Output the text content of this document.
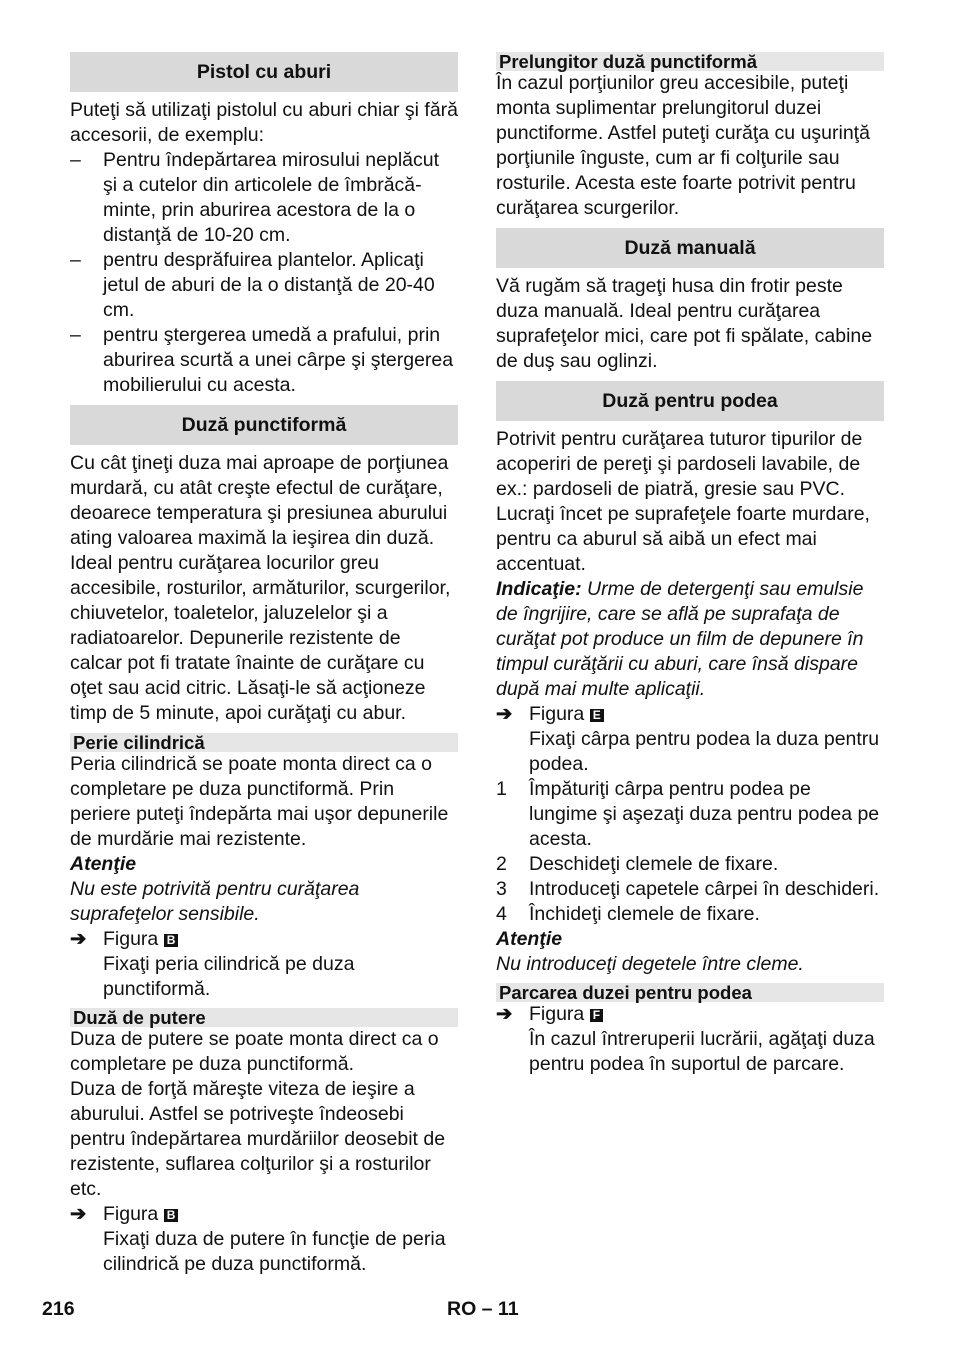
Pistol cu aburi

Puteţi să utilizaţi pistolul cu aburi chiar şi fără accesorii, de exemplu:

– Pentru îndepărtarea mirosului neplăcut şi a cutelor din articolele de îmbrăcă-minte, prin aburirea acestora de la o distanţă de 10-20 cm.
– pentru desprăfuirea plantelor. Aplicaţi jetul de aburi de la o distanţă de 20-40 cm.
– pentru ştergerea umedă a prafului, prin aburirea scurtă a unei cârpe şi ştergerea mobilierului cu acesta.
Duză punctiformă

Cu cât ţineţi duza mai aproape de porţiunea murdară, cu atât creşte efectul de curăţare, deoarece temperatura şi presiunea aburului ating valoarea maximă la ieşirea din duză. Ideal pentru curăţarea locurilor greu accesibile, rosturilor, armăturilor, scurgerilor, chiuvetelor, toaletelor, jaluzelelor şi a radiatoarelor. Depunerile rezistente de calcar pot fi tratate înainte de curăţare cu oţet sau acid citric. Lăsaţi-le să acţioneze timp de 5 minute, apoi curăţaţi cu abur.

Perie cilindrică

Peria cilindrică se poate monta direct ca o completare pe duza punctiformă. Prin periere puteţi îndepărta mai uşor depunerile de murdărie mai rezistente.

Atenţie

Nu este potrivită pentru curăţarea suprafeţelor sensibile.

➔ Figura B

Fixaţi peria cilindrică pe duza punctiformă.

Duză de putere

Duza de putere se poate monta direct ca o completare pe duza punctiformă.

Duza de forţă măreşte viteza de ieşire a aburului. Astfel se potriveşte îndeosebi pentru îndepărtarea murdăriilor deosebit de rezistente, suflarea colţurilor şi a rosturilor etc.

➔ Figura B

Fixaţi duza de putere în funcţie de peria cilindrică pe duza punctiformă.

Prelungitor duză punctiformă

În cazul porţiunilor greu accesibile, puteţi monta suplimentar prelungitorul duzei punctiforme. Astfel puteţi curăţa cu uşurinţă porţiunile înguste, cum ar fi colţurile sau rosturile. Acesta este foarte potrivit pentru curăţarea scurgerilor.

Duză manuală

Vă rugăm să trageţi husa din frotir peste duza manuală. Ideal pentru curăţarea suprafeţelor mici, care pot fi spălate, cabine de duş sau oglinzi.

Duză pentru podea

Potrivit pentru curăţarea tuturor tipurilor de acoperiri de pereţi şi pardoseli lavabile, de ex.: pardoseli de piatră, gresie sau PVC. Lucraţi încet pe suprafeţele foarte murdare, pentru ca aburul să aibă un efect mai accentuat.

Indicaţie: Urme de detergenţi sau emulsie de îngrijire, care se află pe suprafaţa de curăţat pot produce un film de depunere în timpul curăţării cu aburi, care însă dispare după mai multe aplicaţii.

➔ Figura E

Fixaţi cârpa pentru podea la duza pentru podea.

1 Împăturiţi cârpa pentru podea pe lungime şi aşezaţi duza pentru podea pe acesta.
2 Deschideţi clemele de fixare.
3 Introduceţi capetele cârpei în deschideri.
4 Închideţi clemele de fixare.

Atenţie

Nu introduceţi degetele între cleme.

Parcarea duzei pentru podea
➔ Figura F

În cazul întreruperii lucrării, agăţaţi duza pentru podea în suportul de parcare.

216	RO – 11
